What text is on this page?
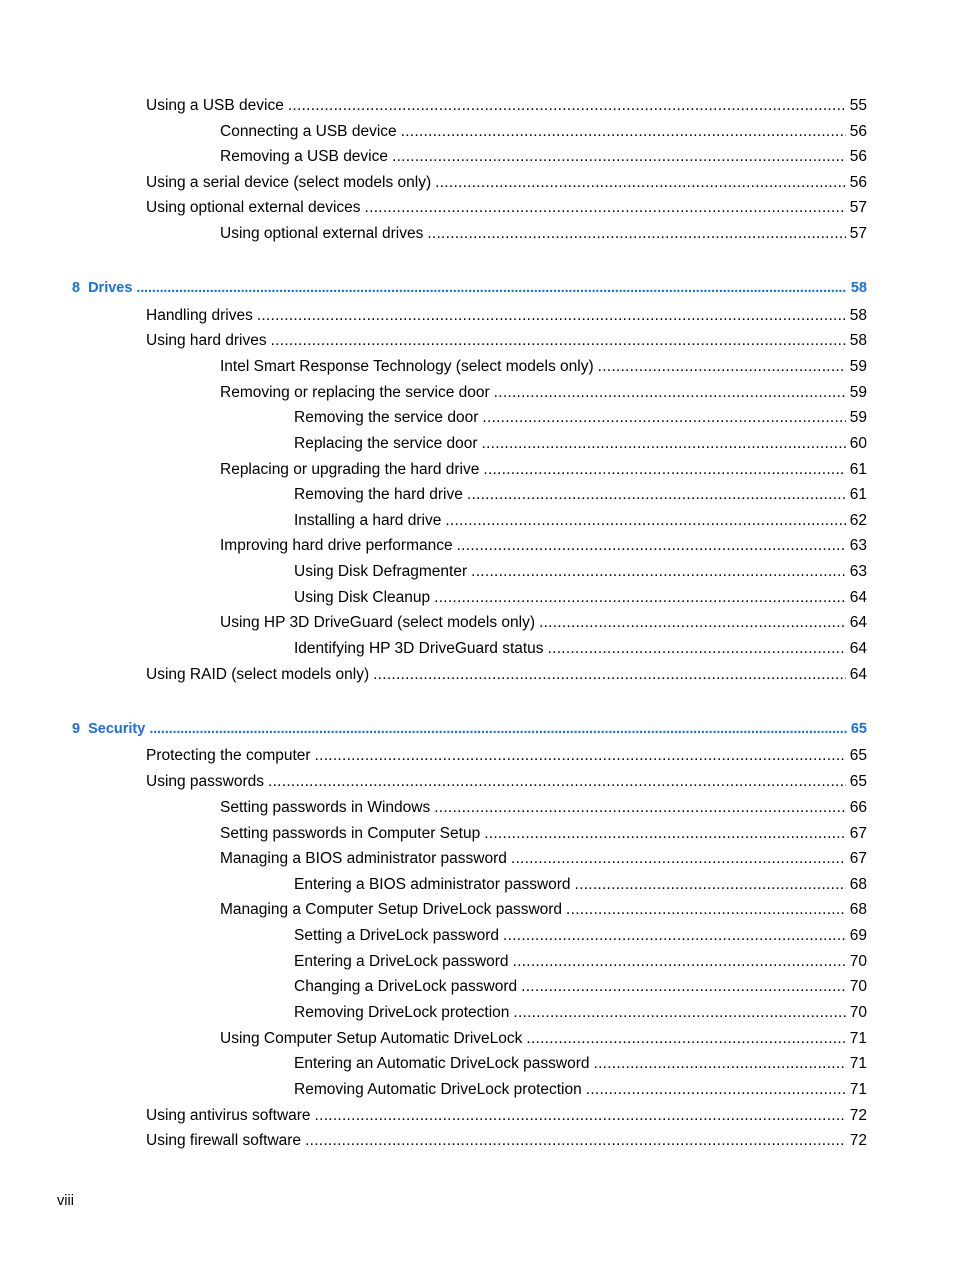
Using a USB device . . .	55
Connecting a USB device . . .	56
Removing a USB device . . .	56
Using a serial device (select models only) . . .	56
Using optional external devices . . .	57
Using optional external drives . . .	57
8 Drives . . .	58
Handling drives . . .	58
Using hard drives . . .	58
Intel Smart Response Technology (select models only) . . .	59
Removing or replacing the service door . . .	59
Removing the service door . . .	59
Replacing the service door . . .	60
Replacing or upgrading the hard drive . . .	61
Removing the hard drive . . .	61
Installing a hard drive . . .	62
Improving hard drive performance . . .	63
Using Disk Defragmenter . . .	63
Using Disk Cleanup . . .	64
Using HP 3D DriveGuard (select models only) . . .	64
Identifying HP 3D DriveGuard status . . .	64
Using RAID (select models only) . . .	64
9 Security . . .	65
Protecting the computer . . .	65
Using passwords . . .	65
Setting passwords in Windows . . .	66
Setting passwords in Computer Setup . . .	67
Managing a BIOS administrator password . . .	67
Entering a BIOS administrator password . . .	68
Managing a Computer Setup DriveLock password . . .	68
Setting a DriveLock password . . .	69
Entering a DriveLock password . . .	70
Changing a DriveLock password . . .	70
Removing DriveLock protection . . .	70
Using Computer Setup Automatic DriveLock . . .	71
Entering an Automatic DriveLock password . . .	71
Removing Automatic DriveLock protection . . .	71
Using antivirus software . . .	72
Using firewall software . . .	72
viii
